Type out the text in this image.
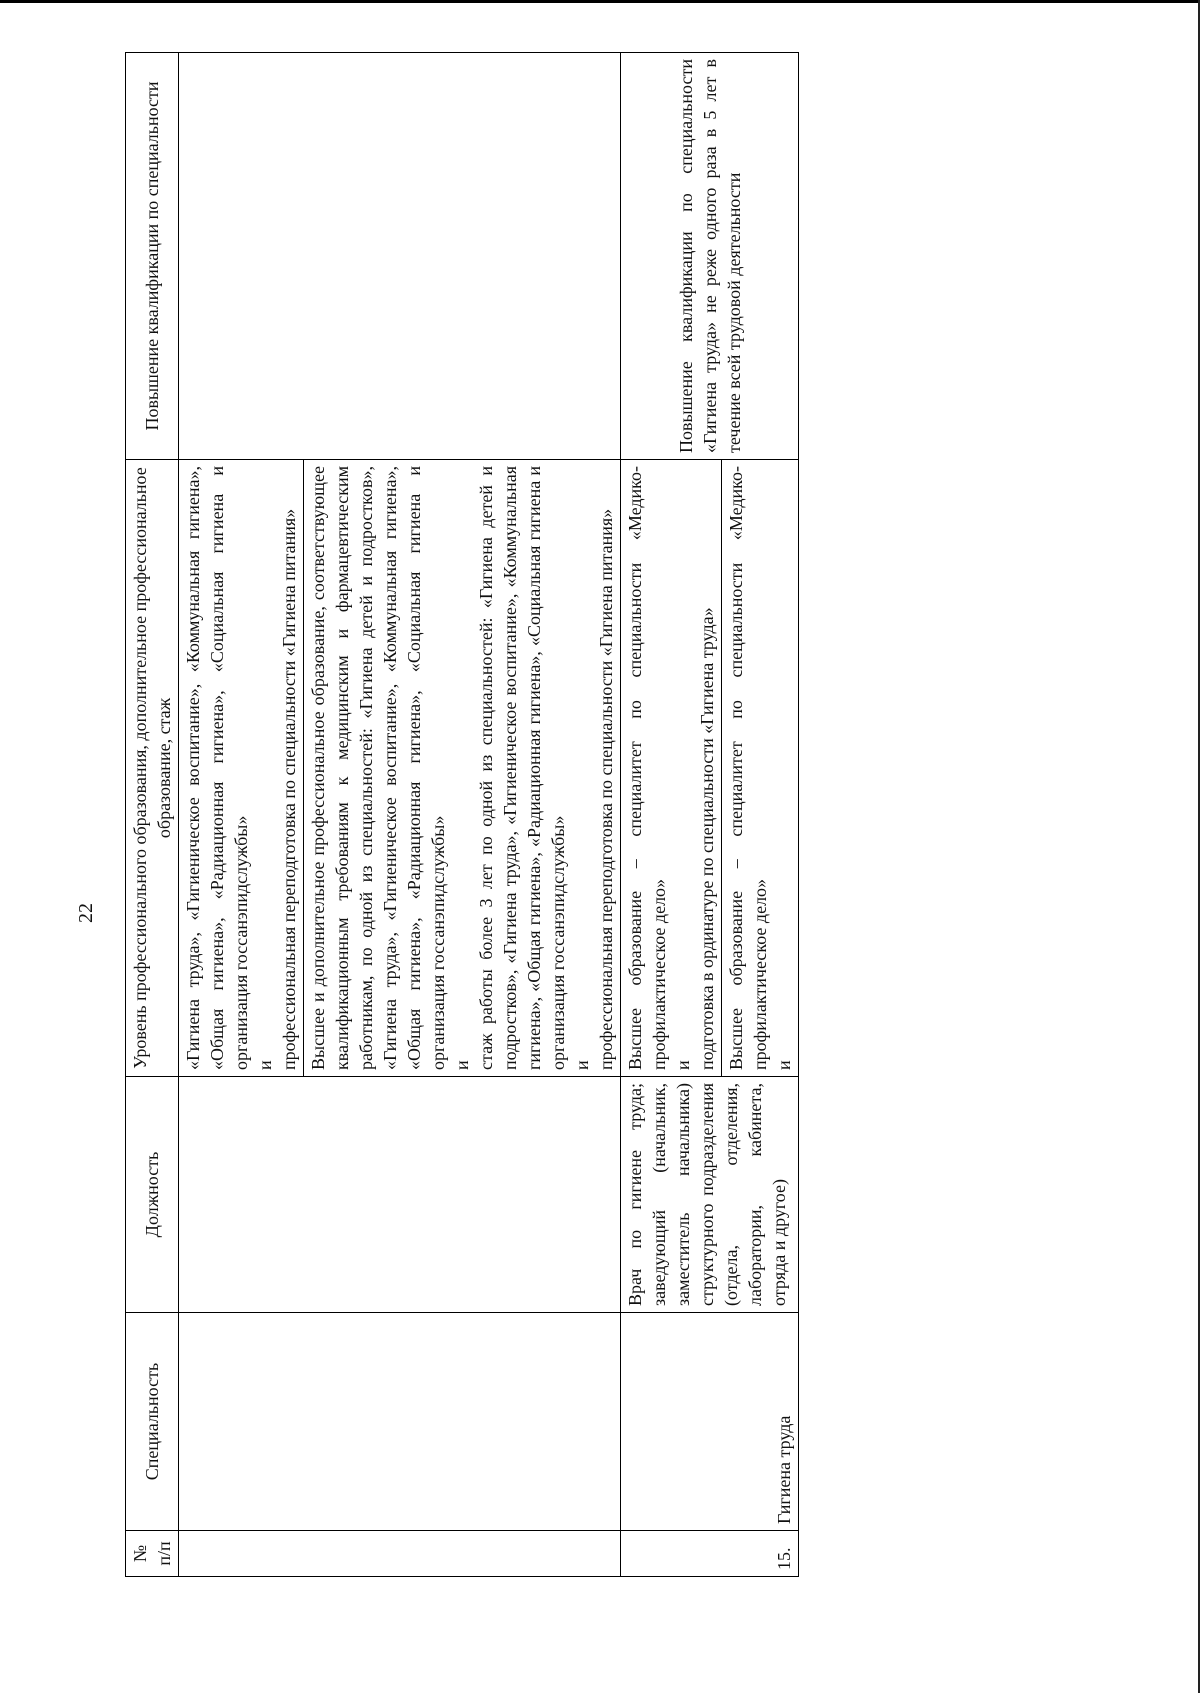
22
№ п/п	Специальность	Должность	Уровень профессионального образования, дополнительное профессиональное образование, стаж	Повышение квалификации по специальности

			«Гигиена труда», «Гигиеническое воспитание», «Коммунальная гигиена», «Общая гигиена», «Радиационная гигиена», «Социальная гигиена и организация госсанэпидслужбы» и профессиональная переподготовка по специальности «Гигиена питания»	

			Высшее и дополнительное профессиональное образование, соответствующее квалификационным требованиям к медицинским и фармацевтическим работникам, по одной из специальностей: «Гигиена детей и подростков», «Гигиена труда», «Гигиеническое воспитание», «Коммунальная гигиена», «Общая гигиена», «Радиационная гигиена», «Социальная гигиена и организация госсанэпидслужбы» и стаж работы более 3 лет по одной из специальностей: «Гигиена детей и подростков», «Гигиена труда», «Гигиеническое воспитание», «Коммунальная гигиена», «Общая гигиена», «Радиационная гигиена», «Социальная гигиена и организация госсанэпидслужбы» и профессиональная переподготовка по специальности «Гигиена питания»	

15.	Гигиена труда	Врач по гигиене труда; заведующий (начальник, заместитель начальника) структурного подразделения (отдела, отделения, лаборатории, кабинета, отряда и другое)	Высшее образование – специалитет по специальности «Медико-профилактическое дело» и подготовка в ординатуре по специальности «Гигиена труда»	Повышение квалификации по специальности «Гигиена труда» не реже одного раза в 5 лет в течение всей трудовой деятельности

			Высшее образование – специалитет по специальности «Медико-профилактическое дело» и	
